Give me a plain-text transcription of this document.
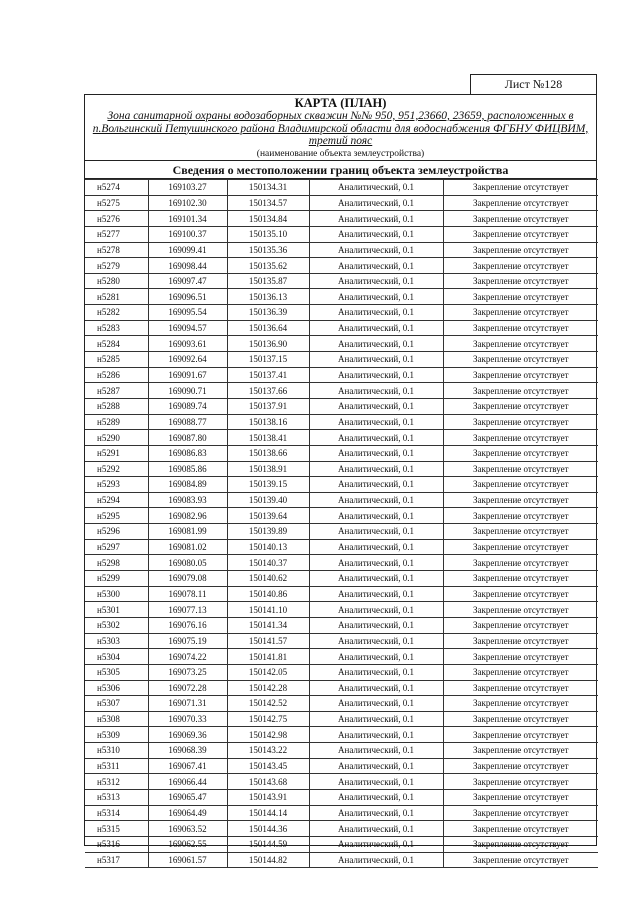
Лист №128
КАРТА (ПЛАН)
Зона санитарной охраны водозаборных скважин №№ 950, 951,23660, 23659, расположенных в
п.Вольгинский Петушинского района Владимирской области для водоснабжения ФГБНУ ФИЦВИМ,
третий пояс
(наименование объекта землеустройства)
Сведения о местоположении границ объекта землеустройства
н5274	169103.27	150134.31	Аналитический, 0.1	Закрепление отсутствует
н5275	169102.30	150134.57	Аналитический, 0.1	Закрепление отсутствует
н5276	169101.34	150134.84	Аналитический, 0.1	Закрепление отсутствует
н5277	169100.37	150135.10	Аналитический, 0.1	Закрепление отсутствует
н5278	169099.41	150135.36	Аналитический, 0.1	Закрепление отсутствует
н5279	169098.44	150135.62	Аналитический, 0.1	Закрепление отсутствует
н5280	169097.47	150135.87	Аналитический, 0.1	Закрепление отсутствует
н5281	169096.51	150136.13	Аналитический, 0.1	Закрепление отсутствует
н5282	169095.54	150136.39	Аналитический, 0.1	Закрепление отсутствует
н5283	169094.57	150136.64	Аналитический, 0.1	Закрепление отсутствует
н5284	169093.61	150136.90	Аналитический, 0.1	Закрепление отсутствует
н5285	169092.64	150137.15	Аналитический, 0.1	Закрепление отсутствует
н5286	169091.67	150137.41	Аналитический, 0.1	Закрепление отсутствует
н5287	169090.71	150137.66	Аналитический, 0.1	Закрепление отсутствует
н5288	169089.74	150137.91	Аналитический, 0.1	Закрепление отсутствует
н5289	169088.77	150138.16	Аналитический, 0.1	Закрепление отсутствует
н5290	169087.80	150138.41	Аналитический, 0.1	Закрепление отсутствует
н5291	169086.83	150138.66	Аналитический, 0.1	Закрепление отсутствует
н5292	169085.86	150138.91	Аналитический, 0.1	Закрепление отсутствует
н5293	169084.89	150139.15	Аналитический, 0.1	Закрепление отсутствует
н5294	169083.93	150139.40	Аналитический, 0.1	Закрепление отсутствует
н5295	169082.96	150139.64	Аналитический, 0.1	Закрепление отсутствует
н5296	169081.99	150139.89	Аналитический, 0.1	Закрепление отсутствует
н5297	169081.02	150140.13	Аналитический, 0.1	Закрепление отсутствует
н5298	169080.05	150140.37	Аналитический, 0.1	Закрепление отсутствует
н5299	169079.08	150140.62	Аналитический, 0.1	Закрепление отсутствует
н5300	169078.11	150140.86	Аналитический, 0.1	Закрепление отсутствует
н5301	169077.13	150141.10	Аналитический, 0.1	Закрепление отсутствует
н5302	169076.16	150141.34	Аналитический, 0.1	Закрепление отсутствует
н5303	169075.19	150141.57	Аналитический, 0.1	Закрепление отсутствует
н5304	169074.22	150141.81	Аналитический, 0.1	Закрепление отсутствует
н5305	169073.25	150142.05	Аналитический, 0.1	Закрепление отсутствует
н5306	169072.28	150142.28	Аналитический, 0.1	Закрепление отсутствует
н5307	169071.31	150142.52	Аналитический, 0.1	Закрепление отсутствует
н5308	169070.33	150142.75	Аналитический, 0.1	Закрепление отсутствует
н5309	169069.36	150142.98	Аналитический, 0.1	Закрепление отсутствует
н5310	169068.39	150143.22	Аналитический, 0.1	Закрепление отсутствует
н5311	169067.41	150143.45	Аналитический, 0.1	Закрепление отсутствует
н5312	169066.44	150143.68	Аналитический, 0.1	Закрепление отсутствует
н5313	169065.47	150143.91	Аналитический, 0.1	Закрепление отсутствует
н5314	169064.49	150144.14	Аналитический, 0.1	Закрепление отсутствует
н5315	169063.52	150144.36	Аналитический, 0.1	Закрепление отсутствует
н5316	169062.55	150144.59	Аналитический, 0.1	Закрепление отсутствует
н5317	169061.57	150144.82	Аналитический, 0.1	Закрепление отсутствует
